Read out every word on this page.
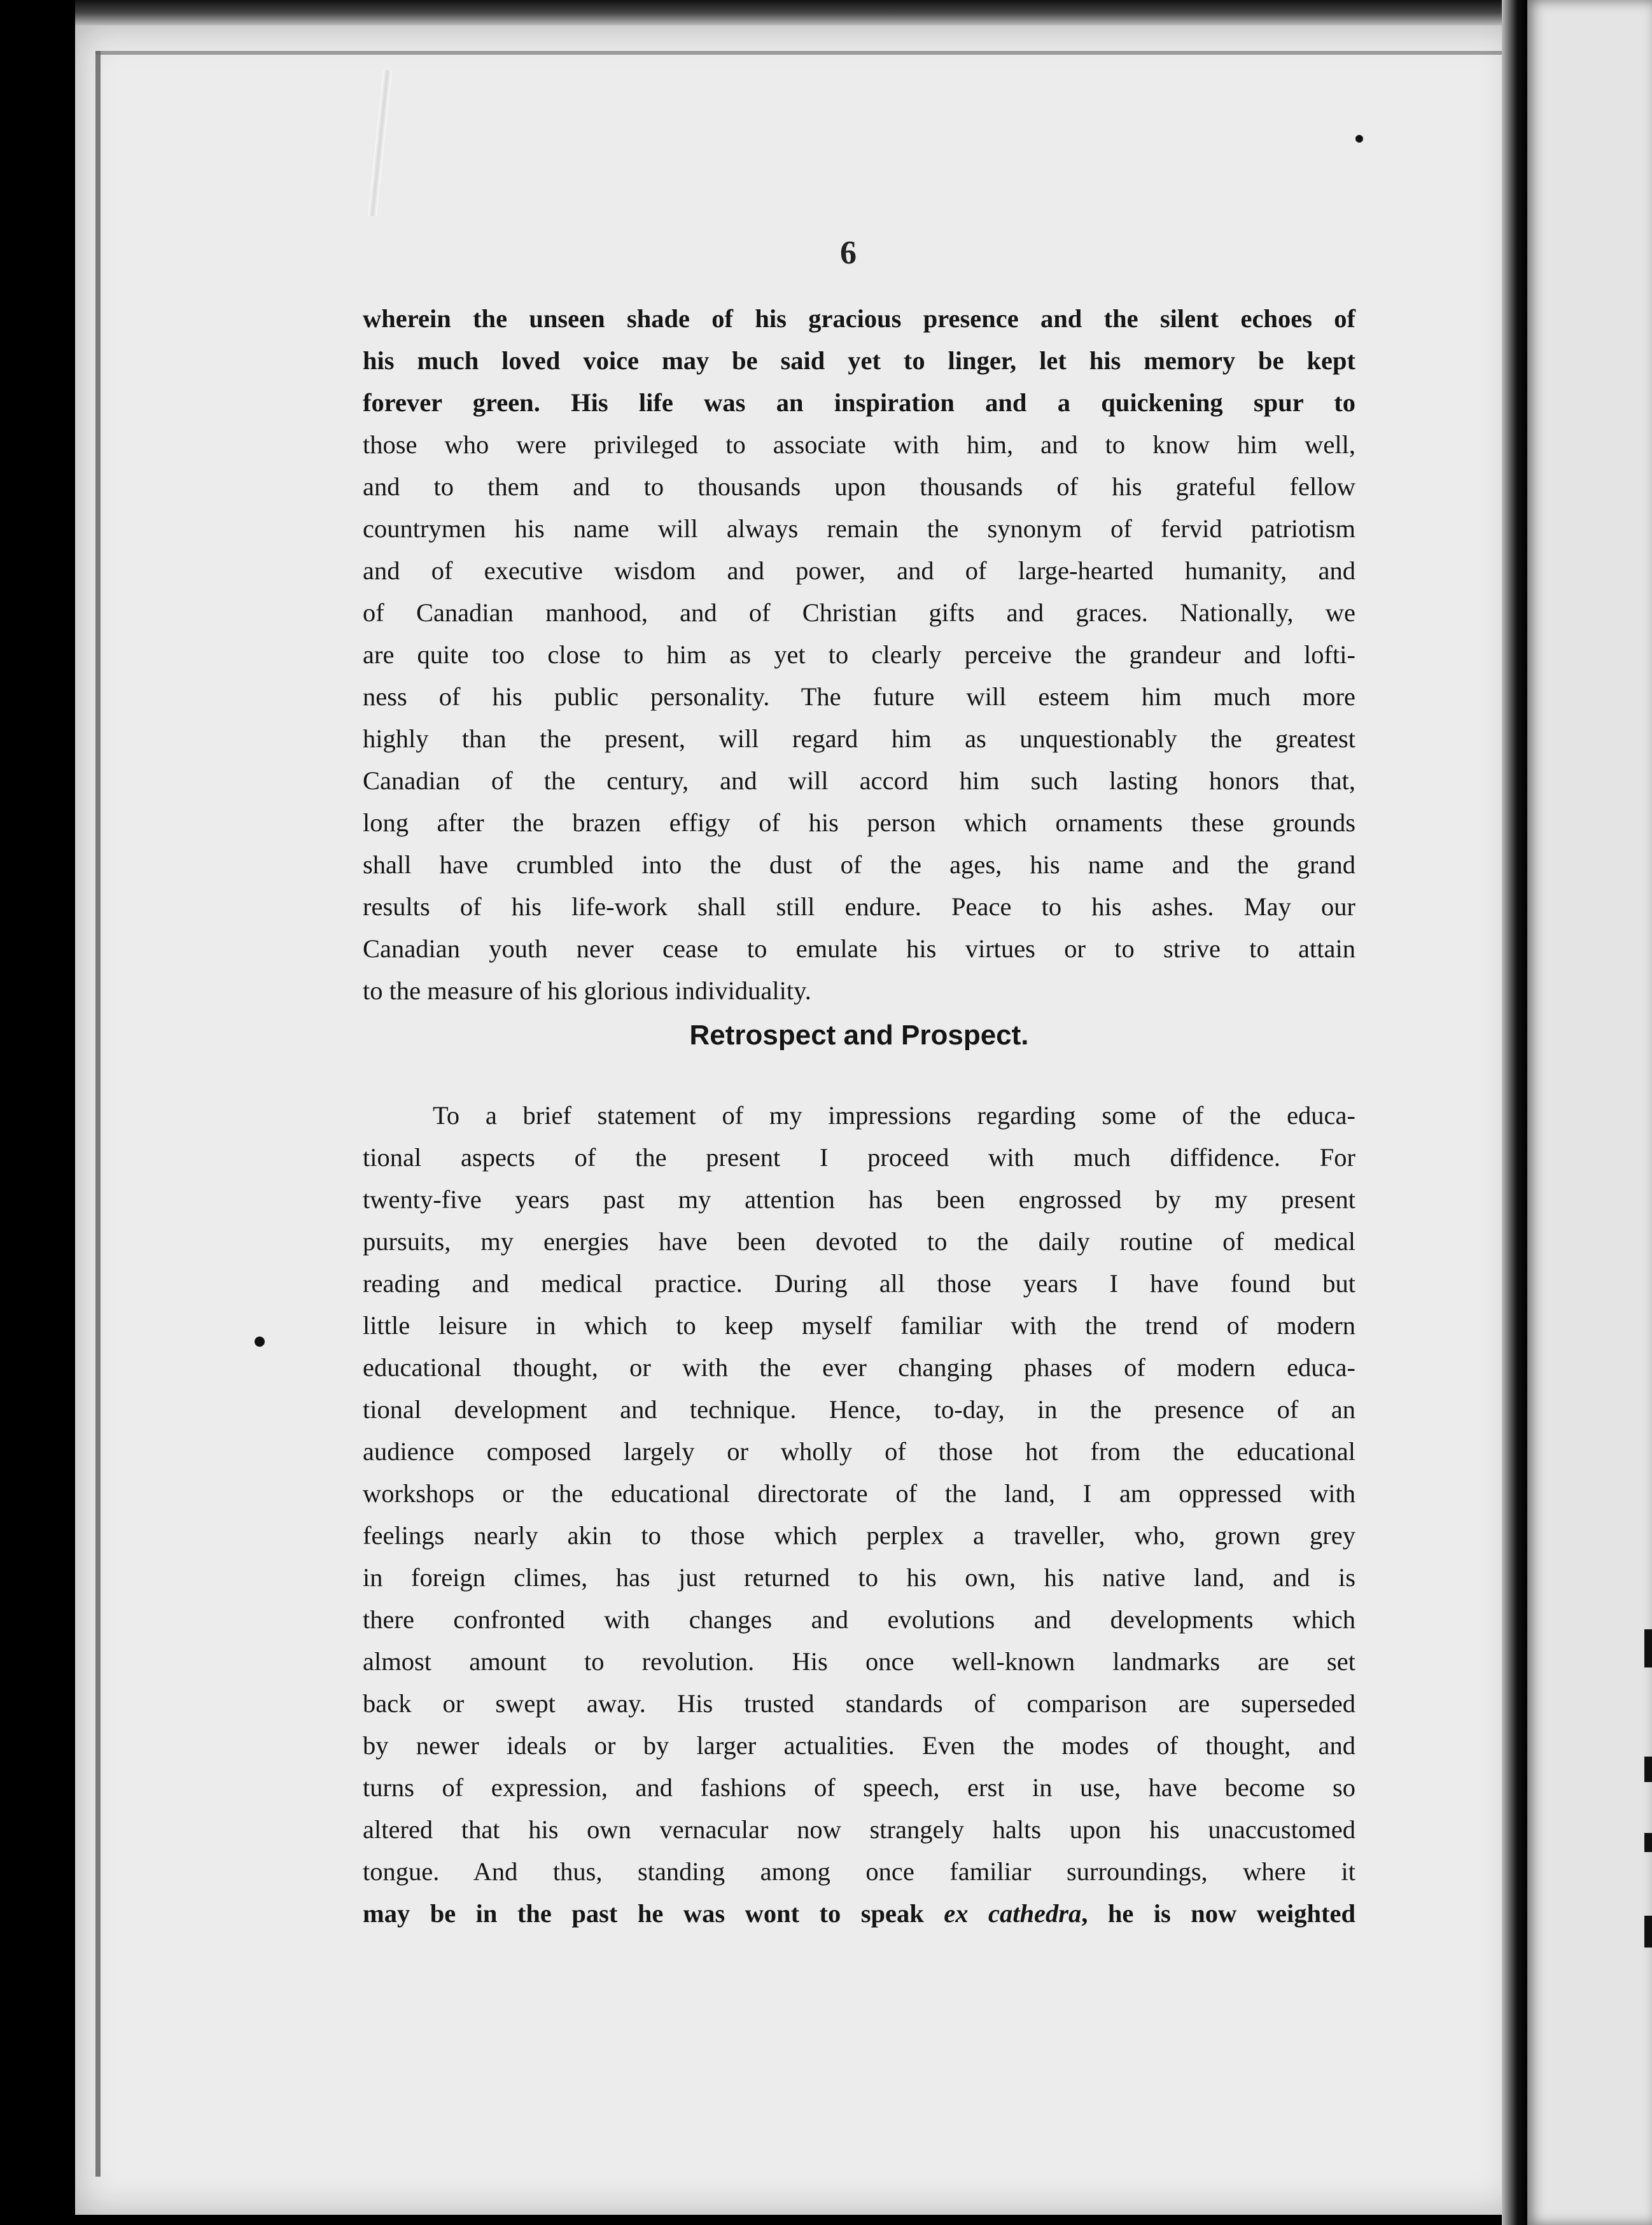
6
wherein the unseen shade of his gracious presence and the silent echoes of
his much loved voice may be said yet to linger, let his memory be kept
forever green. His life was an inspiration and a quickening spur to
those who were privileged to associate with him, and to know him well,
and to them and to thousands upon thousands of his grateful fellow
countrymen his name will always remain the synonym of fervid patriotism
and of executive wisdom and power, and of large-hearted humanity, and
of Canadian manhood, and of Christian gifts and graces. Nationally, we
are quite too close to him as yet to clearly perceive the grandeur and lofti-
ness of his public personality. The future will esteem him much more
highly than the present, will regard him as unquestionably the greatest
Canadian of the century, and will accord him such lasting honors that,
long after the brazen effigy of his person which ornaments these grounds
shall have crumbled into the dust of the ages, his name and the grand
results of his life-work shall still endure. Peace to his ashes. May our
Canadian youth never cease to emulate his virtues or to strive to attain
to the measure of his glorious individuality.
Retrospect and Prospect.
To a brief statement of my impressions regarding some of the educa-
tional aspects of the present I proceed with much diffidence. For
twenty-five years past my attention has been engrossed by my present
pursuits, my energies have been devoted to the daily routine of medical
reading and medical practice. During all those years I have found but
little leisure in which to keep myself familiar with the trend of modern
educational thought, or with the ever changing phases of modern educa-
tional development and technique. Hence, to-day, in the presence of an
audience composed largely or wholly of those hot from the educational
workshops or the educational directorate of the land, I am oppressed with
feelings nearly akin to those which perplex a traveller, who, grown grey
in foreign climes, has just returned to his own, his native land, and is
there confronted with changes and evolutions and developments which
almost amount to revolution. His once well-known landmarks are set
back or swept away. His trusted standards of comparison are superseded
by newer ideals or by larger actualities. Even the modes of thought, and
turns of expression, and fashions of speech, erst in use, have become so
altered that his own vernacular now strangely halts upon his unaccustomed
tongue. And thus, standing among once familiar surroundings, where it
may be in the past he was wont to speak ex cathedra, he is now weighted
